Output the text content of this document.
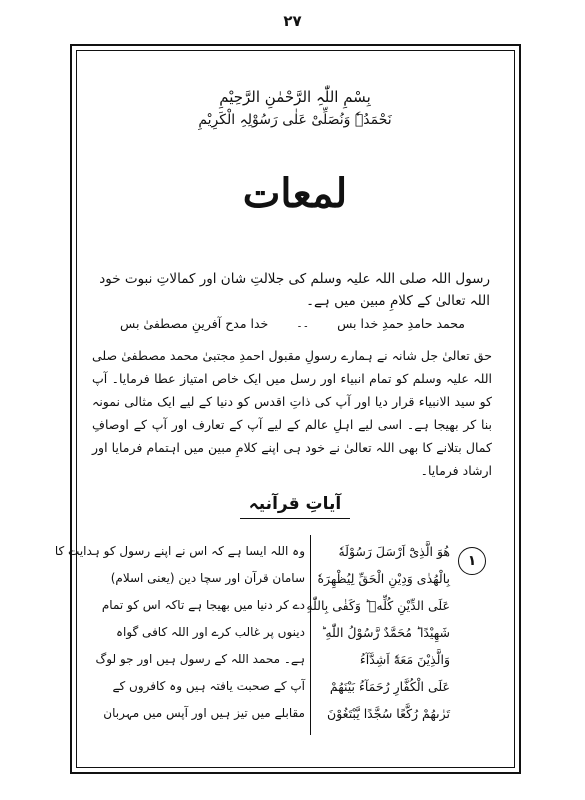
۲۷
بِسْمِ اللّٰہِ الرَّحْمٰنِ الرَّحِیْمِ
نَحْمَدُہٗ وَنُصَلِّیْ عَلٰی رَسُوْلِہِ الْکَرِیْمِ
لمعات
رسول اللہ صلی اللہ علیہ وسلم کی جلالتِ شان اور کمالاتِ نبوت خود اللہ تعالیٰ کے کلامِ مبین میں ہے۔
محمد حامدِ حمدِ خدا بس
۔۔
خدا مدح آفرینِ مصطفیٰ بس
حق تعالیٰ جل شانہ نے ہمارے رسولِ مقبول احمدِ مجتبیٰ محمد مصطفیٰ صلی اللہ علیہ وسلم کو تمام انبیاء اور رسل میں ایک خاص امتیاز عطا فرمایا۔ آپ کو سید الانبیاء قرار دیا اور آپ کی ذاتِ اقدس کو دنیا کے لیے ایک مثالی نمونہ بنا کر بھیجا ہے۔ اسی لیے اہلِ عالم کے لیے آپ کے تعارف اور آپ کے اوصافِ کمال بتلانے کا بھی اللہ تعالیٰ نے خود ہی اپنے کلامِ مبین میں اہتمام فرمایا اور ارشاد فرمایا۔
آیاتِ قرآنیہ
۱
هُوَ الَّذِیْٓ اَرْسَلَ رَسُوْلَهٗ
بِالْهُدٰی وَدِیْنِ الْحَقِّ لِیُظْهِرَهٗ
عَلَی الدِّیْنِ كُلِّهٖ ؕ وَكَفٰی بِاللّٰهِ
شَهِیْدًا ؕ مُحَمَّدٌ رَّسُوْلُ اللّٰهِ ؕ
وَالَّذِیْنَ مَعَهٗٓ اَشِدَّآءُ
عَلَی الْكُفَّارِ رُحَمَآءُ بَیْنَهُمْ
تَرٰىهُمْ رُكَّعًا سُجَّدًا یَّبْتَغُوْنَ
وہ اللہ ایسا ہے کہ اس نے اپنے رسول کو ہدایت کا
سامان قرآن اور سچا دین (یعنی اسلام)
دے کر دنیا میں بھیجا ہے تاکہ اس کو تمام
دینوں پر غالب کرے اور اللہ کافی گواہ
ہے۔ محمد اللہ کے رسول ہیں اور جو لوگ
آپ کے صحبت یافتہ ہیں وہ کافروں کے
مقابلے میں تیز ہیں اور آپس میں مہربان
